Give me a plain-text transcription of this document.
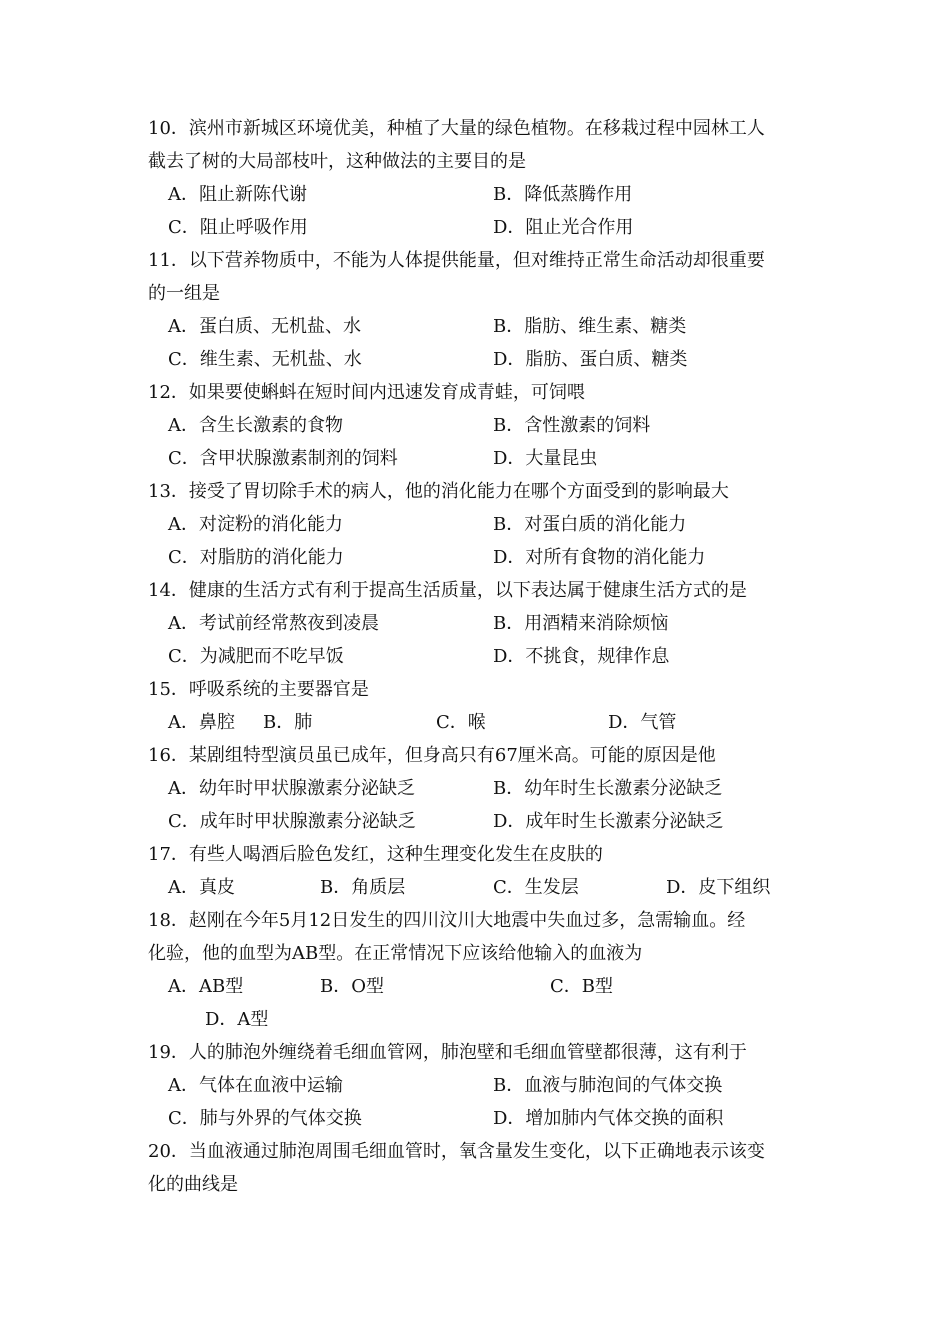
10．滨州市新城区环境优美，种植了大量的绿色植物。在移栽过程中园林工人
截去了树的大局部枝叶，这种做法的主要目的是
A．阻止新陈代谢	B．降低蒸腾作用
C．阻止呼吸作用	D．阻止光合作用
11．以下营养物质中，不能为人体提供能量，但对维持正常生命活动却很重要
的一组是
A．蛋白质、无机盐、水	B．脂肪、维生素、糖类
C．维生素、无机盐、水	D．脂肪、蛋白质、糖类
12．如果要使蝌蚪在短时间内迅速发育成青蛙，可饲喂
A．含生长激素的食物	B．含性激素的饲料
C．含甲状腺激素制剂的饲料	D．大量昆虫
13．接受了胃切除手术的病人，他的消化能力在哪个方面受到的影响最大
A．对淀粉的消化能力	B．对蛋白质的消化能力
C．对脂肪的消化能力	D．对所有食物的消化能力
14．健康的生活方式有利于提高生活质量，以下表达属于健康生活方式的是
A．考试前经常熬夜到凌晨	B．用酒精来消除烦恼
C．为减肥而不吃早饭	D．不挑食，规律作息
15．呼吸系统的主要器官是
A．鼻腔 B．肺	C．喉	D．气管
16．某剧组特型演员虽已成年，但身高只有67厘米高。可能的原因是他
A．幼年时甲状腺激素分泌缺乏	B．幼年时生长激素分泌缺乏
C．成年时甲状腺激素分泌缺乏	D．成年时生长激素分泌缺乏
17．有些人喝酒后脸色发红，这种生理变化发生在皮肤的
A．真皮	B．角质层	C．生发层	D．皮下组织
18．赵刚在今年5月12日发生的四川汶川大地震中失血过多，急需输血。经
化验，他的血型为AB型。在正常情况下应该给他输入的血液为
A．AB型	B．O型	C．B型
D．A型
19．人的肺泡外缠绕着毛细血管网，肺泡壁和毛细血管壁都很薄，这有利于
A．气体在血液中运输	B．血液与肺泡间的气体交换
C．肺与外界的气体交换	D．增加肺内气体交换的面积
20．当血液通过肺泡周围毛细血管时，氧含量发生变化，以下正确地表示该变
化的曲线是
